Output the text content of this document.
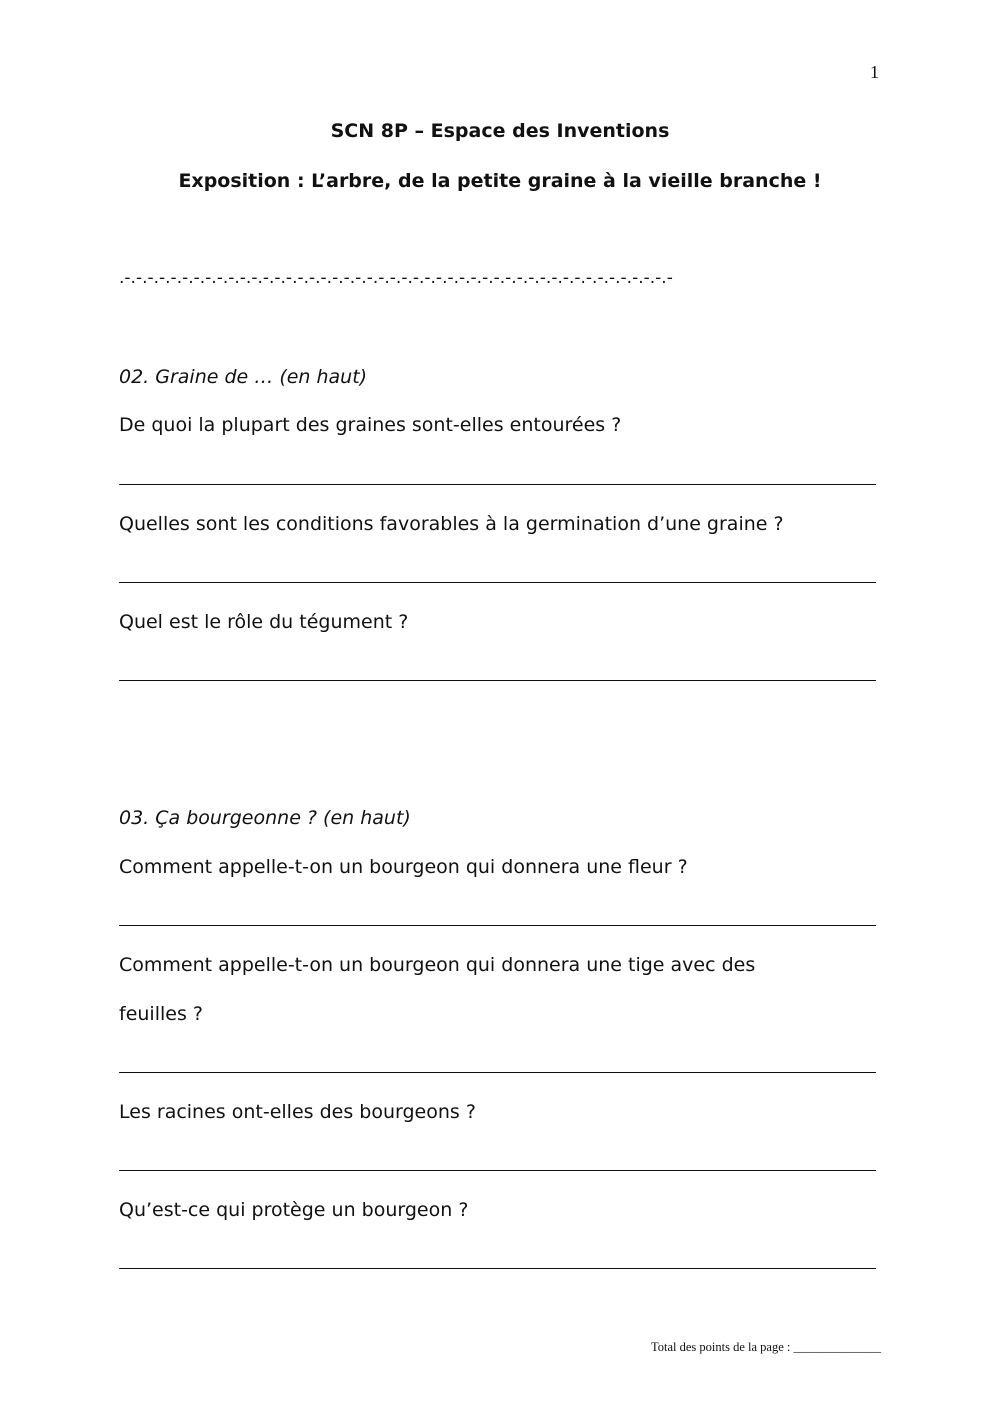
1
SCN 8P – Espace des Inventions
Exposition : L’arbre, de la petite graine à la vieille branche !
.-.-.-.-.-.-.-.-.-.-.-.-.-.-.-.-.-.-.-.-.-.-.-.-.-.-.-.-.-.-.-.-.-.-.-.-.-.-.-.-.-.-.-.-.-.-.-.-
02. Graine de … (en haut)
De quoi la plupart des graines sont-elles entourées ?
Quelles sont les conditions favorables à la germination d’une graine ?
Quel est le rôle du tégument ?
03. Ça bourgeonne ? (en haut)
Comment appelle-t-on un bourgeon qui donnera une fleur ?
Comment appelle-t-on un bourgeon qui donnera une tige avec des
feuilles ?
Les racines ont-elles des bourgeons ?
Qu’est-ce qui protège un bourgeon ?
Total des points de la page : ______________
